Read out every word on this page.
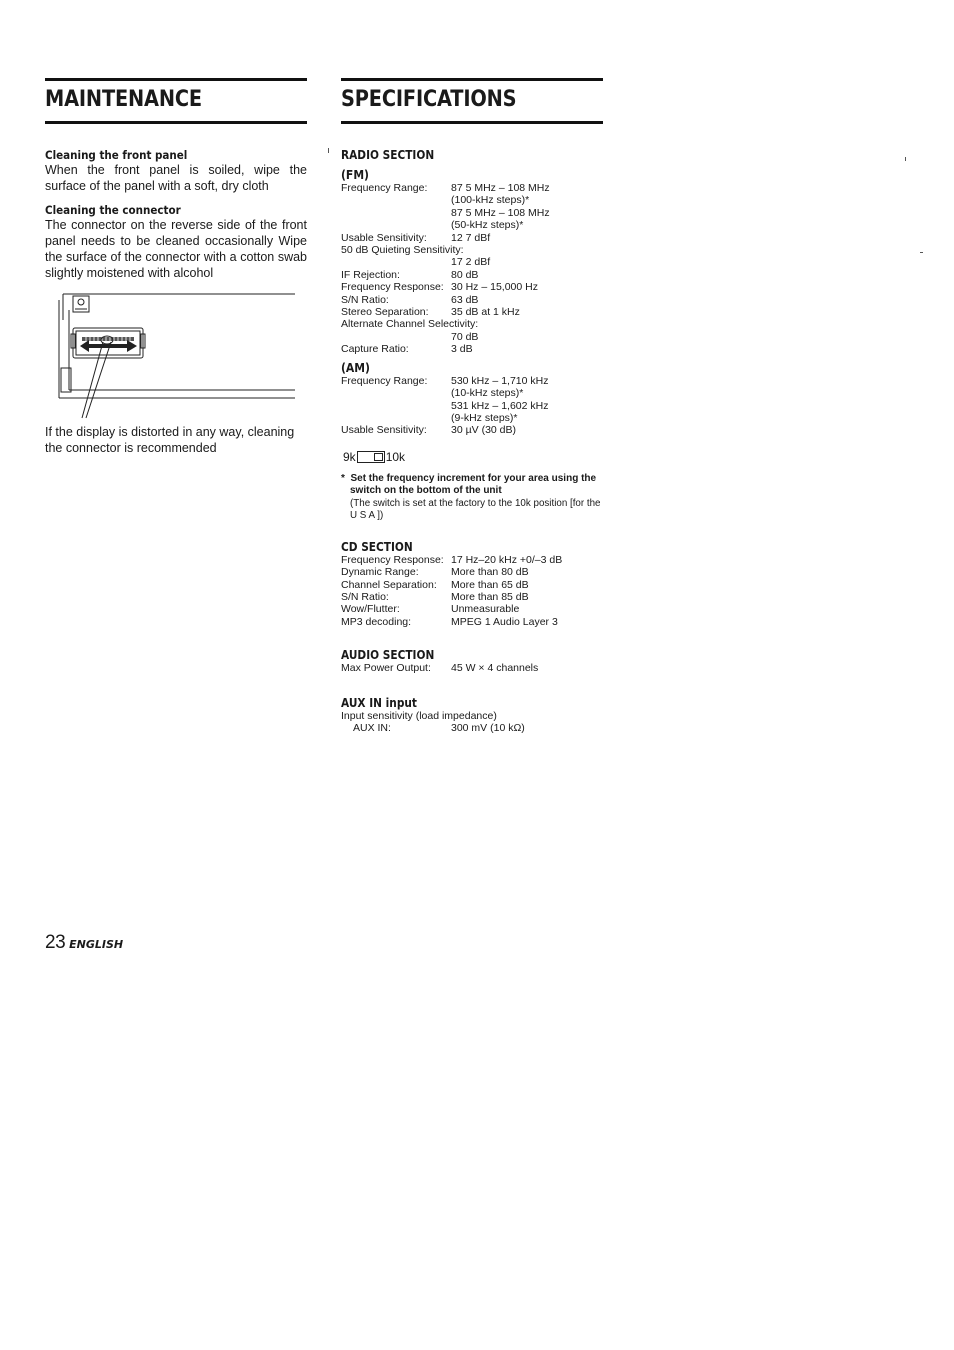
MAINTENANCE
Cleaning the front panel
When the front panel is soiled, wipe the surface of the panel with a soft, dry cloth
Cleaning the connector
The connector on the reverse side of the front panel needs to be cleaned occasionally Wipe the surface of the connector with a cotton swab slightly moistened with alcohol
If the display is distorted in any way, cleaning the connector is recommended
SPECIFICATIONS
RADIO SECTION
(FM)
Frequency Range:	87 5 MHz – 108 MHz
(100-kHz steps)*
87 5 MHz – 108 MHz
(50-kHz steps)*
Usable Sensitivity:	12 7 dBf
50 dB Quieting Sensitivity:
17 2 dBf
IF Rejection:	80 dB
Frequency Response: 30 Hz – 15,000 Hz
S/N Ratio:	63 dB
Stereo Separation:	35 dB at 1 kHz
Alternate Channel Selectivity:
70 dB
Capture Ratio:	3 dB
(AM)
Frequency Range:	530 kHz – 1,710 kHz
(10-kHz steps)*
531 kHz – 1,602 kHz
(9-kHz steps)*
Usable Sensitivity:	30 µV (30 dB)
9k	10k
* Set the frequency increment for your area using the switch on the bottom of the unit
(The switch is set at the factory to the 10k position [for the U S A ])
CD SECTION
Frequency Response: 17 Hz–20 kHz +0/–3 dB
Dynamic Range:	More than 80 dB
Channel Separation:	More than 65 dB
S/N Ratio:	More than 85 dB
Wow/Flutter:	Unmeasurable
MP3 decoding:	MPEG 1 Audio Layer 3
AUDIO SECTION
Max Power Output:	45 W × 4 channels
AUX IN input
Input sensitivity (load impedance)
AUX IN:	300 mV (10 kΩ)
23 ENGLISH
